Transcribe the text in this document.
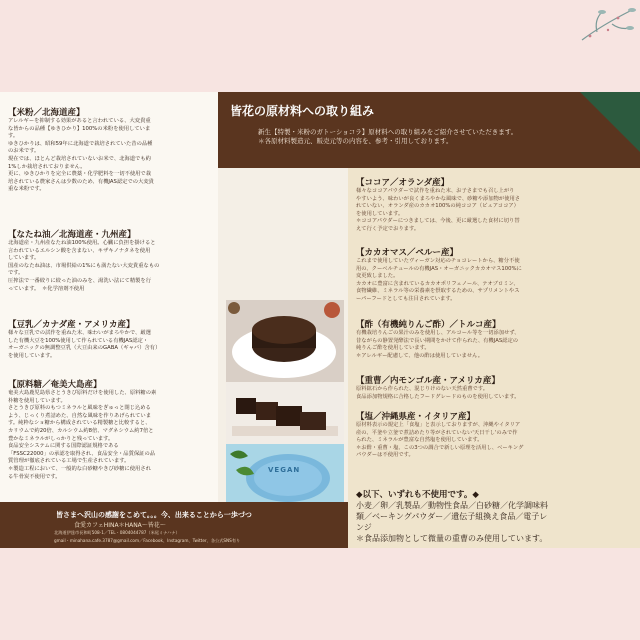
皆さまへ沢山の感謝をこめて。。。今、出来ることから一歩づつ
食愛カフェHINA＊HANA〜皆花〜
北海道伊達市長和町508-1／TEL・0804044787（米尾ミナハナ）
gmail・minahana.cafe.3787@gmail.com／Facebook、Instagram、Twitter、各公式SNS有り
皆花の原材料への取り組み
新生【特製・米粉のガトーショコラ】原材料への取り組みをご紹介させていただきます。
＊各原材料製造元、販売元等の内容を、参考・引用しております。
【米粉／北海道産】
アレルギーを抑制する効果があると言われている、大変貴重
な皆からの品種【ゆきひかり】100%の米粉を使用していま
す。
ゆきひかりは、昭和59年に北海道で栽培されていた昔の品種
のお米です。
現在では、ほとんど栽培されていないお米で、北海道でも約
1%しか栽培されておりません。
更に、ゆきひかりを完全に農薬・化学肥料を一切不使用で栽
培されている農家さんは少数のため、有機JAS認定での大変貴
重な米粉です。
【なたね油／北海道産・九州産】
北海道産・九州産なたね油100%使用。心臓に負担を掛けると
言われているエルシン酸を含まない、キザキノナタネを使用
しています。
国産のなたね油は、市場供給の1%にも満たない大変貴重なもの
です。
圧搾法で一番絞りに絞った油のみを、湯洗い法にて精製を行
っています。　＊化学溶剤不使用
【豆乳／カナダ産・アメリカ産】
様々な豆乳での試作を重ねた末、味わいがまろやかで、厳選
した有機大豆を100%使用して作られている有機JAS認定・
オーガニックの無調整豆乳（大豆由来のGABA（ギャバ）含有）
を使用しています。
【原料糖／奄美大島産】
奄美大島鹿児島県さとうきび原料だけを使用した、原料糖の素
朴糖を使用しています。
さとうきび原料のもつミネラルと風味をぎゅっと閉じ込める
よう、じっくり煮詰めた、自然な風味を作りあげられていま
す。純粋なショ糖から構成されている精製糖と比較すると、
カリウムで約20倍、カルシウム約8倍、マグネシウム約7倍と
豊かなミネラルがしっかりと残っています。
食品安全システムに関する国際認証規格である
「FSSC22000」の承認を取得され、食品安全・品質保証の品
質管理が徹底されている工場で生産されています。
＊製造工程において、一般的な白砂糖やきび砂糖に使用され
る牛骨炭不使用です。
VEGAN
【ココア／オランダ産】
様々なココアパウダーで試作を重ねた末、お子さまでも召し上がり
やすいよう、味わいが良くまろやかな風味で、砂糖や添加物が使用さ
れていない、オランダ産のカカオ100%の純ココア（ピュアココア）
を使用しています。
＊ココアパウダーにつきましては、今後、更に厳選した食材に切り替
えて行く予定でおります。
【カカオマス／ペルー産】
これまで使用していたヴィーガン対応のチョコレートから、糖分不使
用の、クーベルチュールの有機JAS・オーガニックカカオマス100%に
変更致しました。
カカオに豊富に含まれているカカオポリフェノール、テオブロミン、
食物繊維、ミネラル等の栄養素を摂取するための、サプリメントやス
ーパーフードとしても注目されています。
【酢（有機純りんご酢）／トルコ産】
有機栽培りんごの果汁のみを使用し、アルコール等を一切添加せず、
昔ながらの静置発酵法で長い期間をかけて作られた、有機JAS認定の
純りんご酢を使用しています。
＊アレルギー配慮して、他の酢は使用していません。
【重曹／内モンゴル産・アメリカ産】
原料鉱石から作られた、混じりけのない天然重曹です。
食品添加物規格に合格したフードグレードのものを使用しています。
【塩／沖縄県産・イタリア産】
原材料表示の規定上「食塩」と表示しておりますが、沖縄やイタリア
産の、平釜や立釜で煮詰めたり等がされていない'天日干し'のみで作
られた、ミネラルが豊富な自然塩を使用しています。
＊お酢・重曹・塩、この3つの調合で新しい原理を活用し、ベーキング
パウダーは不使用です。
◆以下、いずれも不使用です。◆
小麦／卵／乳製品／動物性食品／白砂糖／化学調味料
類／ベーキングパウダー／遺伝子組換え食品／電子レ
ンジ
＊食品添加物として微量の重曹のみ使用しています。
